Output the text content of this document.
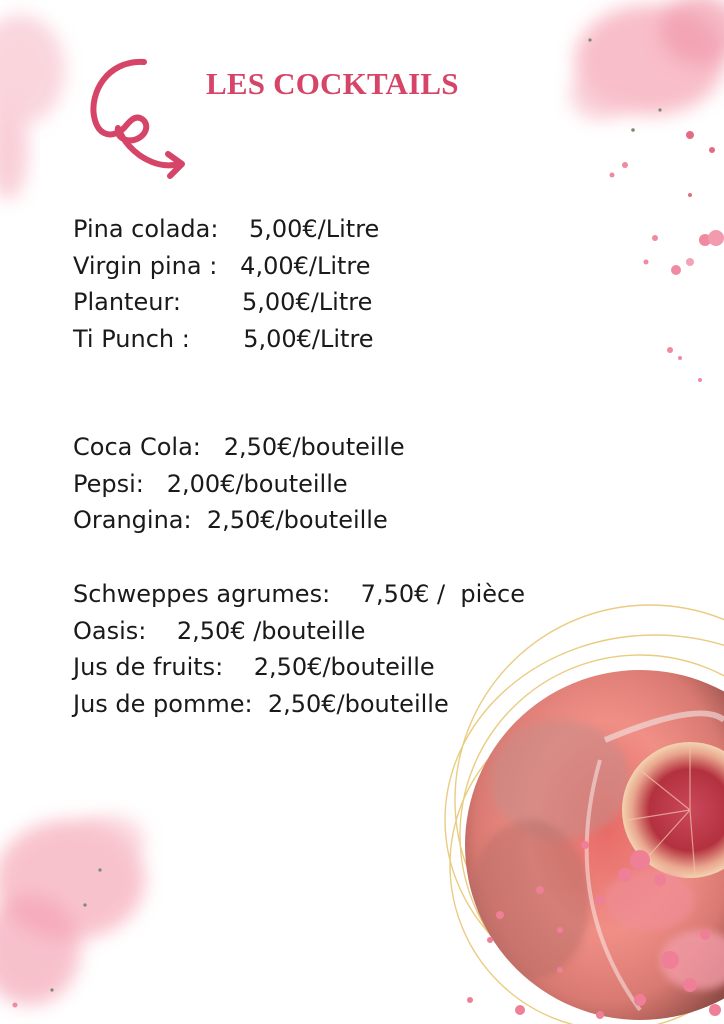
LES COCKTAILS
Pina colada: 5,00€/Litre
Virgin pina : 4,00€/Litre
Planteur:	5,00€/Litre
Ti Punch : 5,00€/Litre
Coca Cola: 2,50€/bouteille
Pepsi: 2,00€/bouteille
Orangina: 2,50€/bouteille
Schweppes agrumes: 7,50€ /  pièce
Oasis: 2,50€ /bouteille
Jus de fruits: 2,50€/bouteille
Jus de pomme: 2,50€/bouteille
